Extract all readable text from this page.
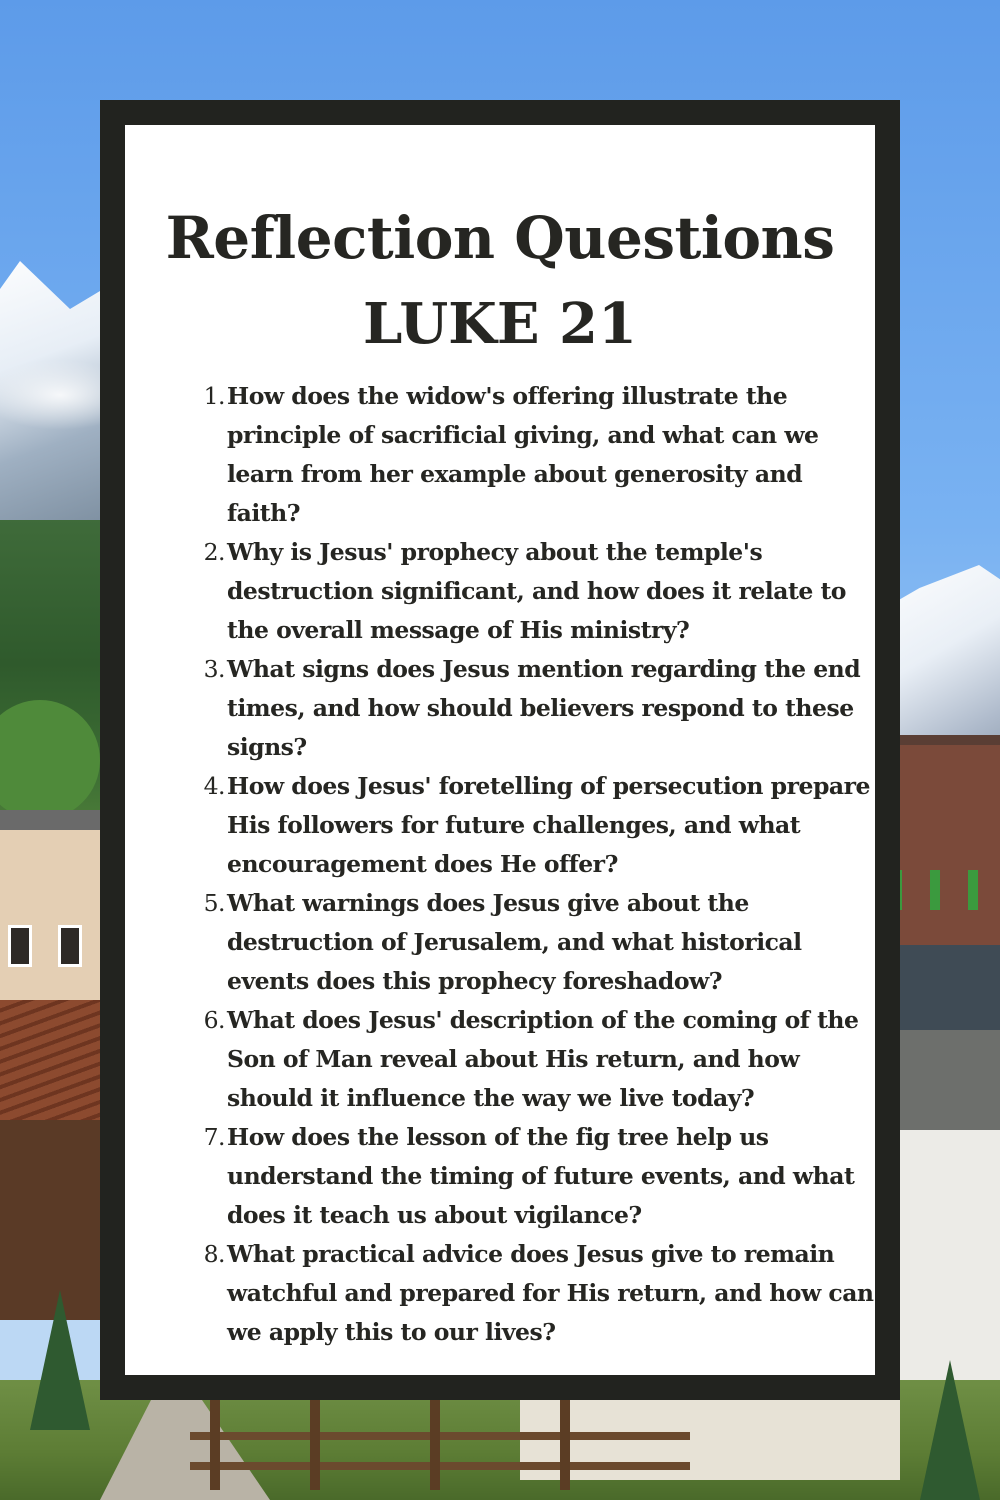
Reflection Questions
LUKE 21
1. How does the widow's offering illustrate the principle of sacrificial giving, and what can we learn from her example about generosity and faith?
2. Why is Jesus' prophecy about the temple's destruction significant, and how does it relate to the overall message of His ministry?
3. What signs does Jesus mention regarding the end times, and how should believers respond to these signs?
4. How does Jesus' foretelling of persecution prepare His followers for future challenges, and what encouragement does He offer?
5. What warnings does Jesus give about the destruction of Jerusalem, and what historical events does this prophecy foreshadow?
6. What does Jesus' description of the coming of the Son of Man reveal about His return, and how should it influence the way we live today?
7. How does the lesson of the fig tree help us understand the timing of future events, and what does it teach us about vigilance?
8. What practical advice does Jesus give to remain watchful and prepared for His return, and how can we apply this to our lives?
